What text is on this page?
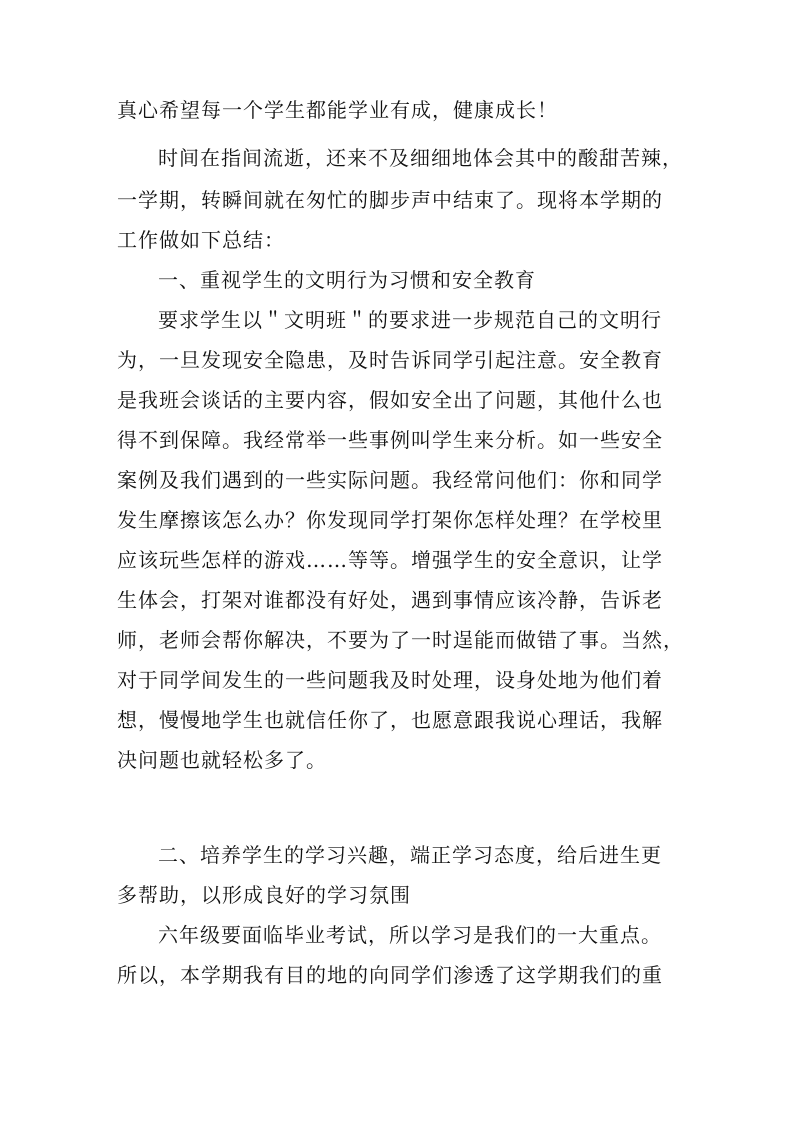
真心希望每一个学生都能学业有成，健康成长！
时间在指间流逝，还来不及细细地体会其中的酸甜苦辣，
一学期，转瞬间就在匆忙的脚步声中结束了。现将本学期的
工作做如下总结：
一、重视学生的文明行为习惯和安全教育
要求学生以＂文明班＂的要求进一步规范自己的文明行
为，一旦发现安全隐患，及时告诉同学引起注意。安全教育
是我班会谈话的主要内容，假如安全出了问题，其他什么也
得不到保障。我经常举一些事例叫学生来分析。如一些安全
案例及我们遇到的一些实际问题。我经常问他们：你和同学
发生摩擦该怎么办？你发现同学打架你怎样处理？在学校里
应该玩些怎样的游戏……等等。增强学生的安全意识，让学
生体会，打架对谁都没有好处，遇到事情应该冷静，告诉老
师，老师会帮你解决，不要为了一时逞能而做错了事。当然，
对于同学间发生的一些问题我及时处理，设身处地为他们着
想，慢慢地学生也就信任你了，也愿意跟我说心理话，我解
决问题也就轻松多了。
二、培养学生的学习兴趣，端正学习态度，给后进生更
多帮助，以形成良好的学习氛围
六年级要面临毕业考试，所以学习是我们的一大重点。
所以，本学期我有目的地的向同学们渗透了这学期我们的重
